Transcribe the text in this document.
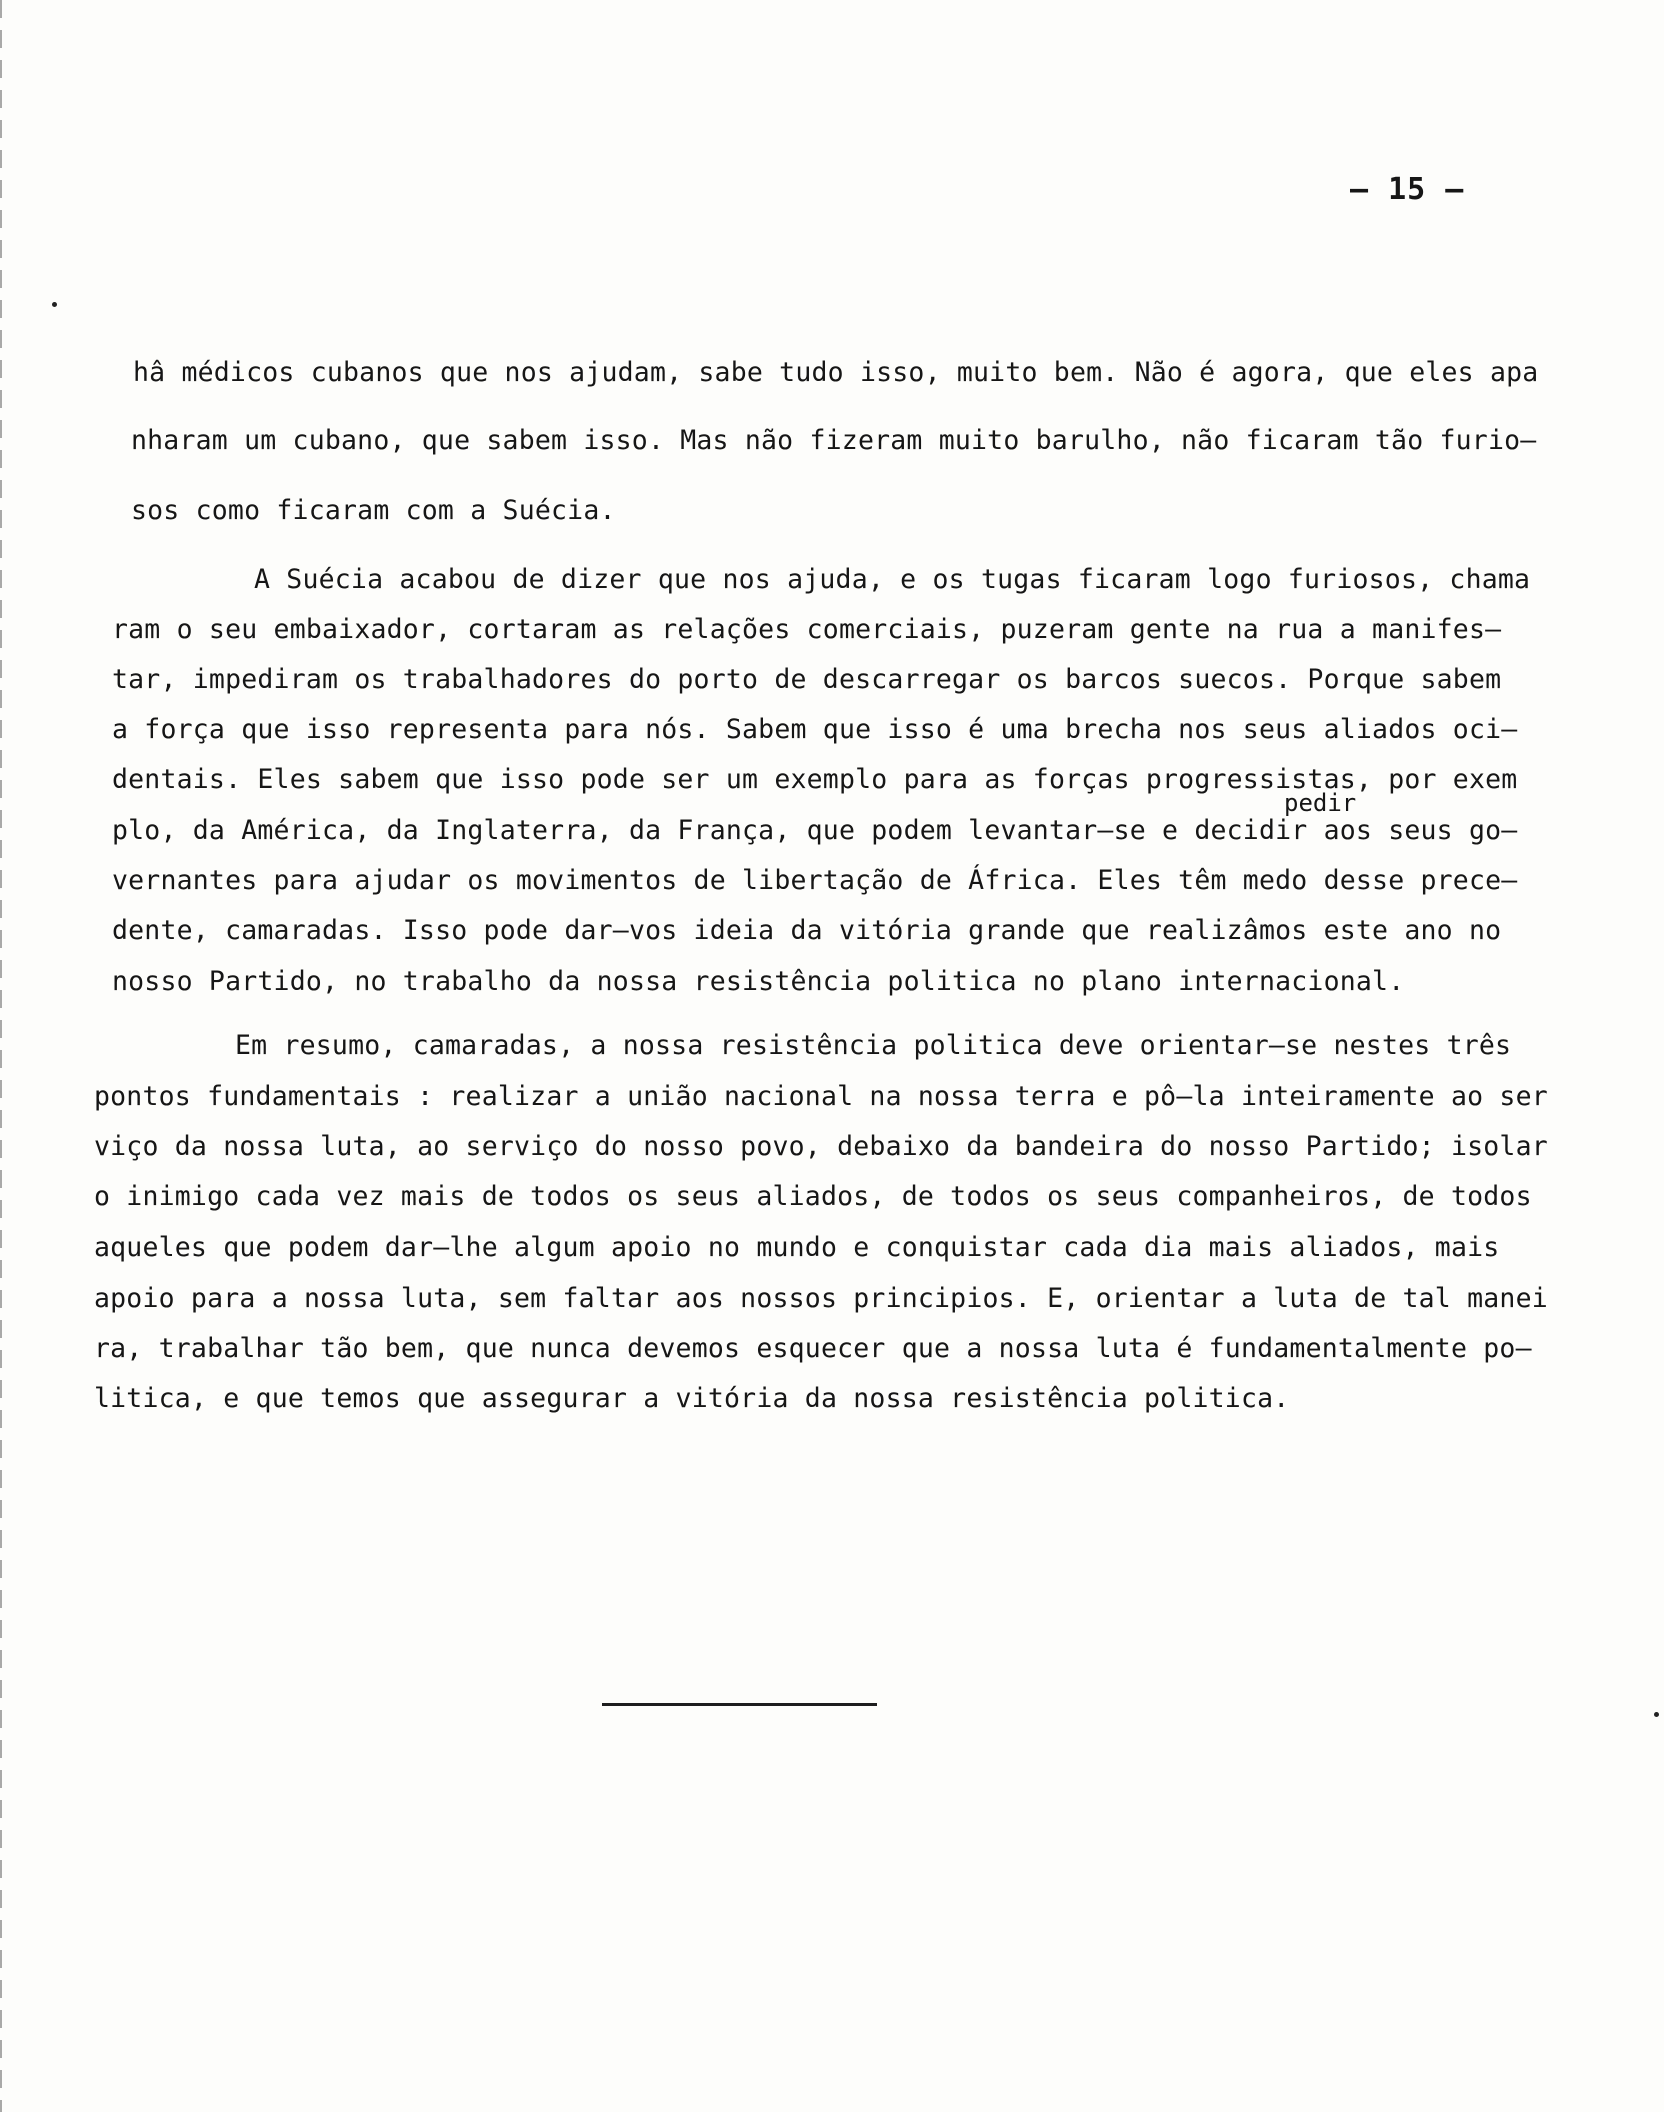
– 15 –
hâ médicos cubanos que nos ajudam, sabe tudo isso, muito bem. Não é agora, que eles apa
nharam um cubano, que sabem isso. Mas não fizeram muito barulho, não ficaram tão furio–
sos como ficaram com a Suécia.
A Suécia acabou de dizer que nos ajuda, e os tugas ficaram logo furiosos, chama
ram o seu embaixador, cortaram as relações comerciais, puzeram gente na rua a manifes–
tar, impediram os trabalhadores do porto de descarregar os barcos suecos. Porque sabem
a força que isso representa para nós. Sabem que isso é uma brecha nos seus aliados oci–
dentais. Eles sabem que isso pode ser um exemplo para as forças progressistas, por exem
pedir
plo, da América, da Inglaterra, da França, que podem levantar–se e decidir aos seus go–
vernantes para ajudar os movimentos de libertação de África. Eles têm medo desse prece–
dente, camaradas. Isso pode dar–vos ideia da vitória grande que realizâmos este ano no
nosso Partido, no trabalho da nossa resistência politica no plano internacional.
Em resumo, camaradas, a nossa resistência politica deve orientar–se nestes três
pontos fundamentais : realizar a união nacional na nossa terra e pô–la inteiramente ao ser
viço da nossa luta, ao serviço do nosso povo, debaixo da bandeira do nosso Partido; isolar
o inimigo cada vez mais de todos os seus aliados, de todos os seus companheiros, de todos
aqueles que podem dar–lhe algum apoio no mundo e conquistar cada dia mais aliados, mais
apoio para a nossa luta, sem faltar aos nossos principios. E, orientar a luta de tal manei
ra, trabalhar tão bem, que nunca devemos esquecer que a nossa luta é fundamentalmente po–
litica, e que temos que assegurar a vitória da nossa resistência politica.
